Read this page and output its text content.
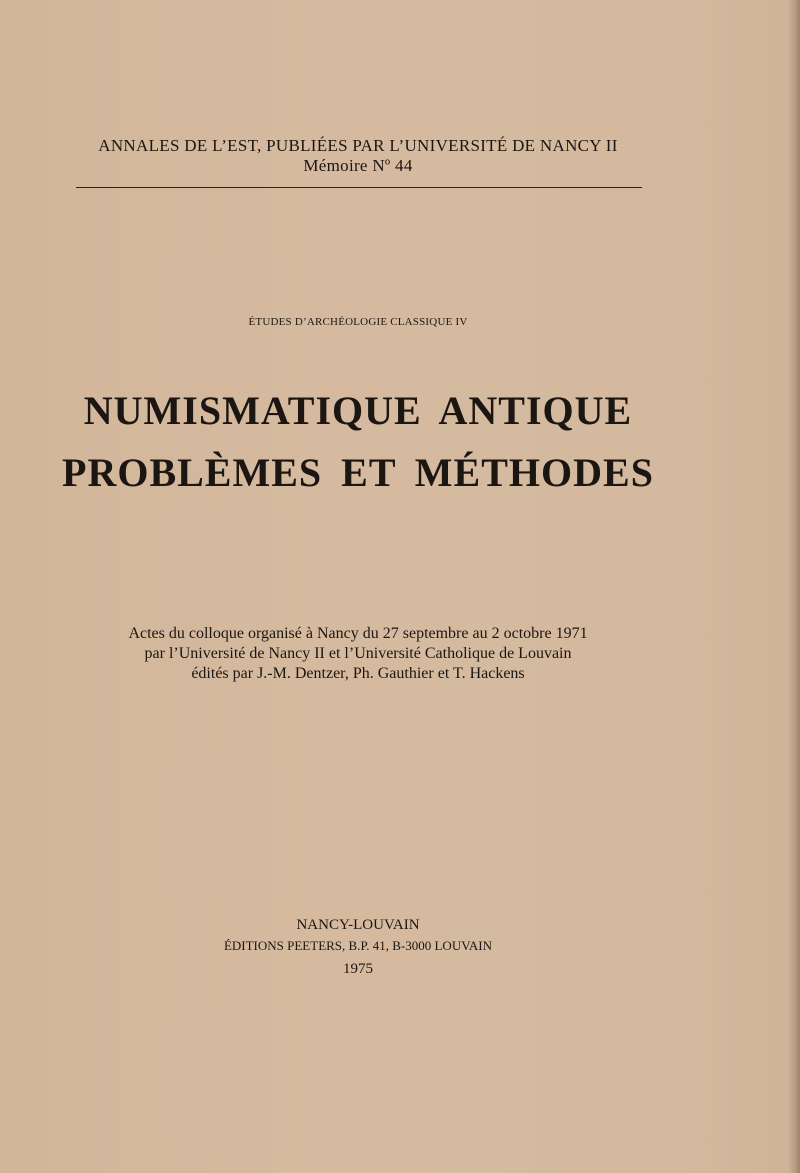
ANNALES DE L’EST, PUBLIÉES PAR L’UNIVERSITÉ DE NANCY II
Mémoire Nº 44
ÉTUDES D’ARCHÉOLOGIE CLASSIQUE IV
NUMISMATIQUE ANTIQUE
PROBLÈMES ET MÉTHODES
Actes du colloque organisé à Nancy du 27 septembre au 2 octobre 1971
par l’Université de Nancy II et l’Université Catholique de Louvain
édités par J.-M. Dentzer, Ph. Gauthier et T. Hackens
NANCY-LOUVAIN
ÉDITIONS PEETERS, B.P. 41, B-3000 LOUVAIN
1975
